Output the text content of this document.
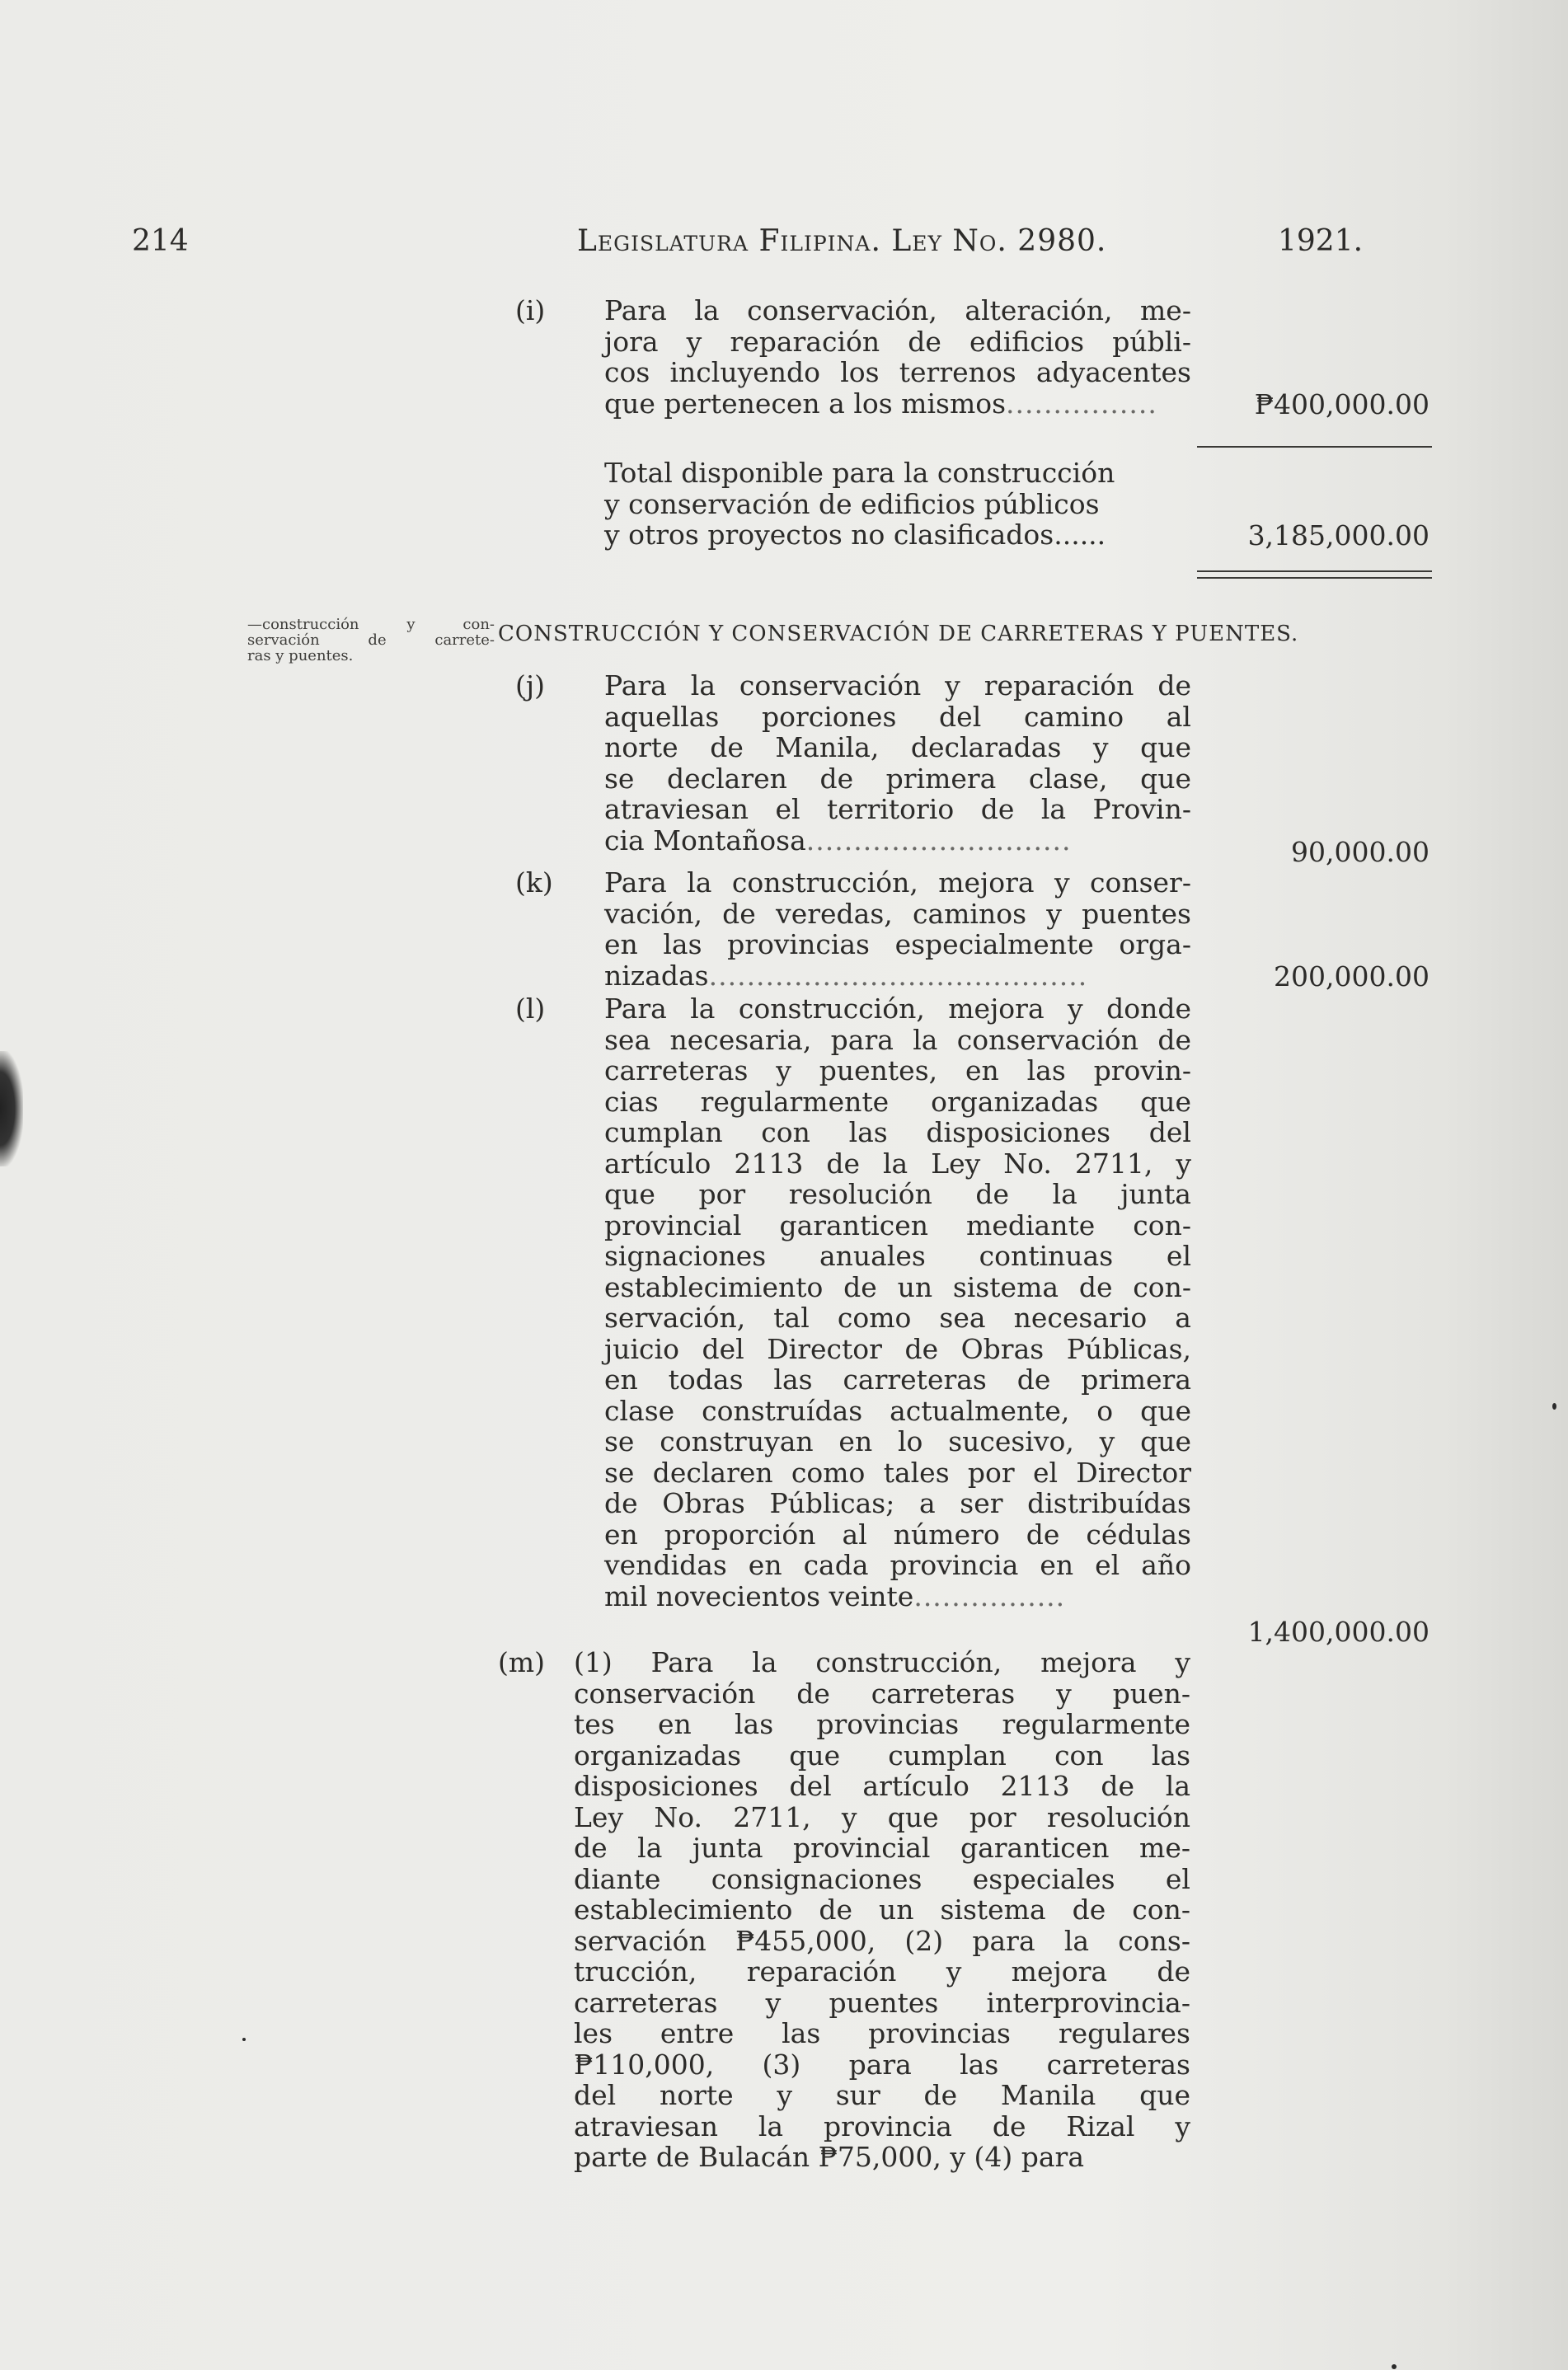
214	Legislatura Filipina. Ley No. 2980.	1921.
(i) Para la conservación, alteración, me-
jora y reparación de edificios públi-
cos incluyendo los terrenos adyacentes
que pertenecen a los mismos................	₱400,000.00
Total disponible para la construcción
y conservación de edificios públicos
y otros proyectos no clasificados......	3,185,000.00
—construcción y con-
servación de carrete-
ras y puentes.
CONSTRUCCIÓN Y CONSERVACIÓN DE CARRETERAS Y PUENTES.
(j) Para la conservación y reparación de
aquellas porciones del camino al
norte de Manila, declaradas y que
se declaren de primera clase, que
atraviesan el territorio de la Provin-
cia Montañosa............................	90,000.00
(k) Para la construcción, mejora y conser-
vación, de veredas, caminos y puentes
en las provincias especialmente orga-
nizadas........................................	200,000.00
(l) Para la construcción, mejora y donde
sea necesaria, para la conservación de
carreteras y puentes, en las provin-
cias regularmente organizadas que
cumplan con las disposiciones del
artículo 2113 de la Ley No. 2711, y
que por resolución de la junta
provincial garanticen mediante con-
signaciones anuales continuas el
establecimiento de un sistema de con-
servación, tal como sea necesario a
juicio del Director de Obras Públicas,
en todas las carreteras de primera
clase construídas actualmente, o que
se construyan en lo sucesivo, y que
se declaren como tales por el Director
de Obras Públicas; a ser distribuídas
en proporción al número de cédulas
vendidas en cada provincia en el año
mil novecientos veinte................
1,400,000.00
(m) (1) Para la construcción, mejora y
conservación de carreteras y puen-
tes en las provincias regularmente
organizadas que cumplan con las
disposiciones del artículo 2113 de la
Ley No. 2711, y que por resolución
de la junta provincial garanticen me-
diante consignaciones especiales el
establecimiento de un sistema de con-
servación ₱455,000, (2) para la cons-
trucción, reparación y mejora de
carreteras y puentes interprovincia-
les entre las provincias regulares
₱110,000, (3) para las carreteras
del norte y sur de Manila que
atraviesan la provincia de Rizal y
parte de Bulacán ₱75,000, y (4) para
